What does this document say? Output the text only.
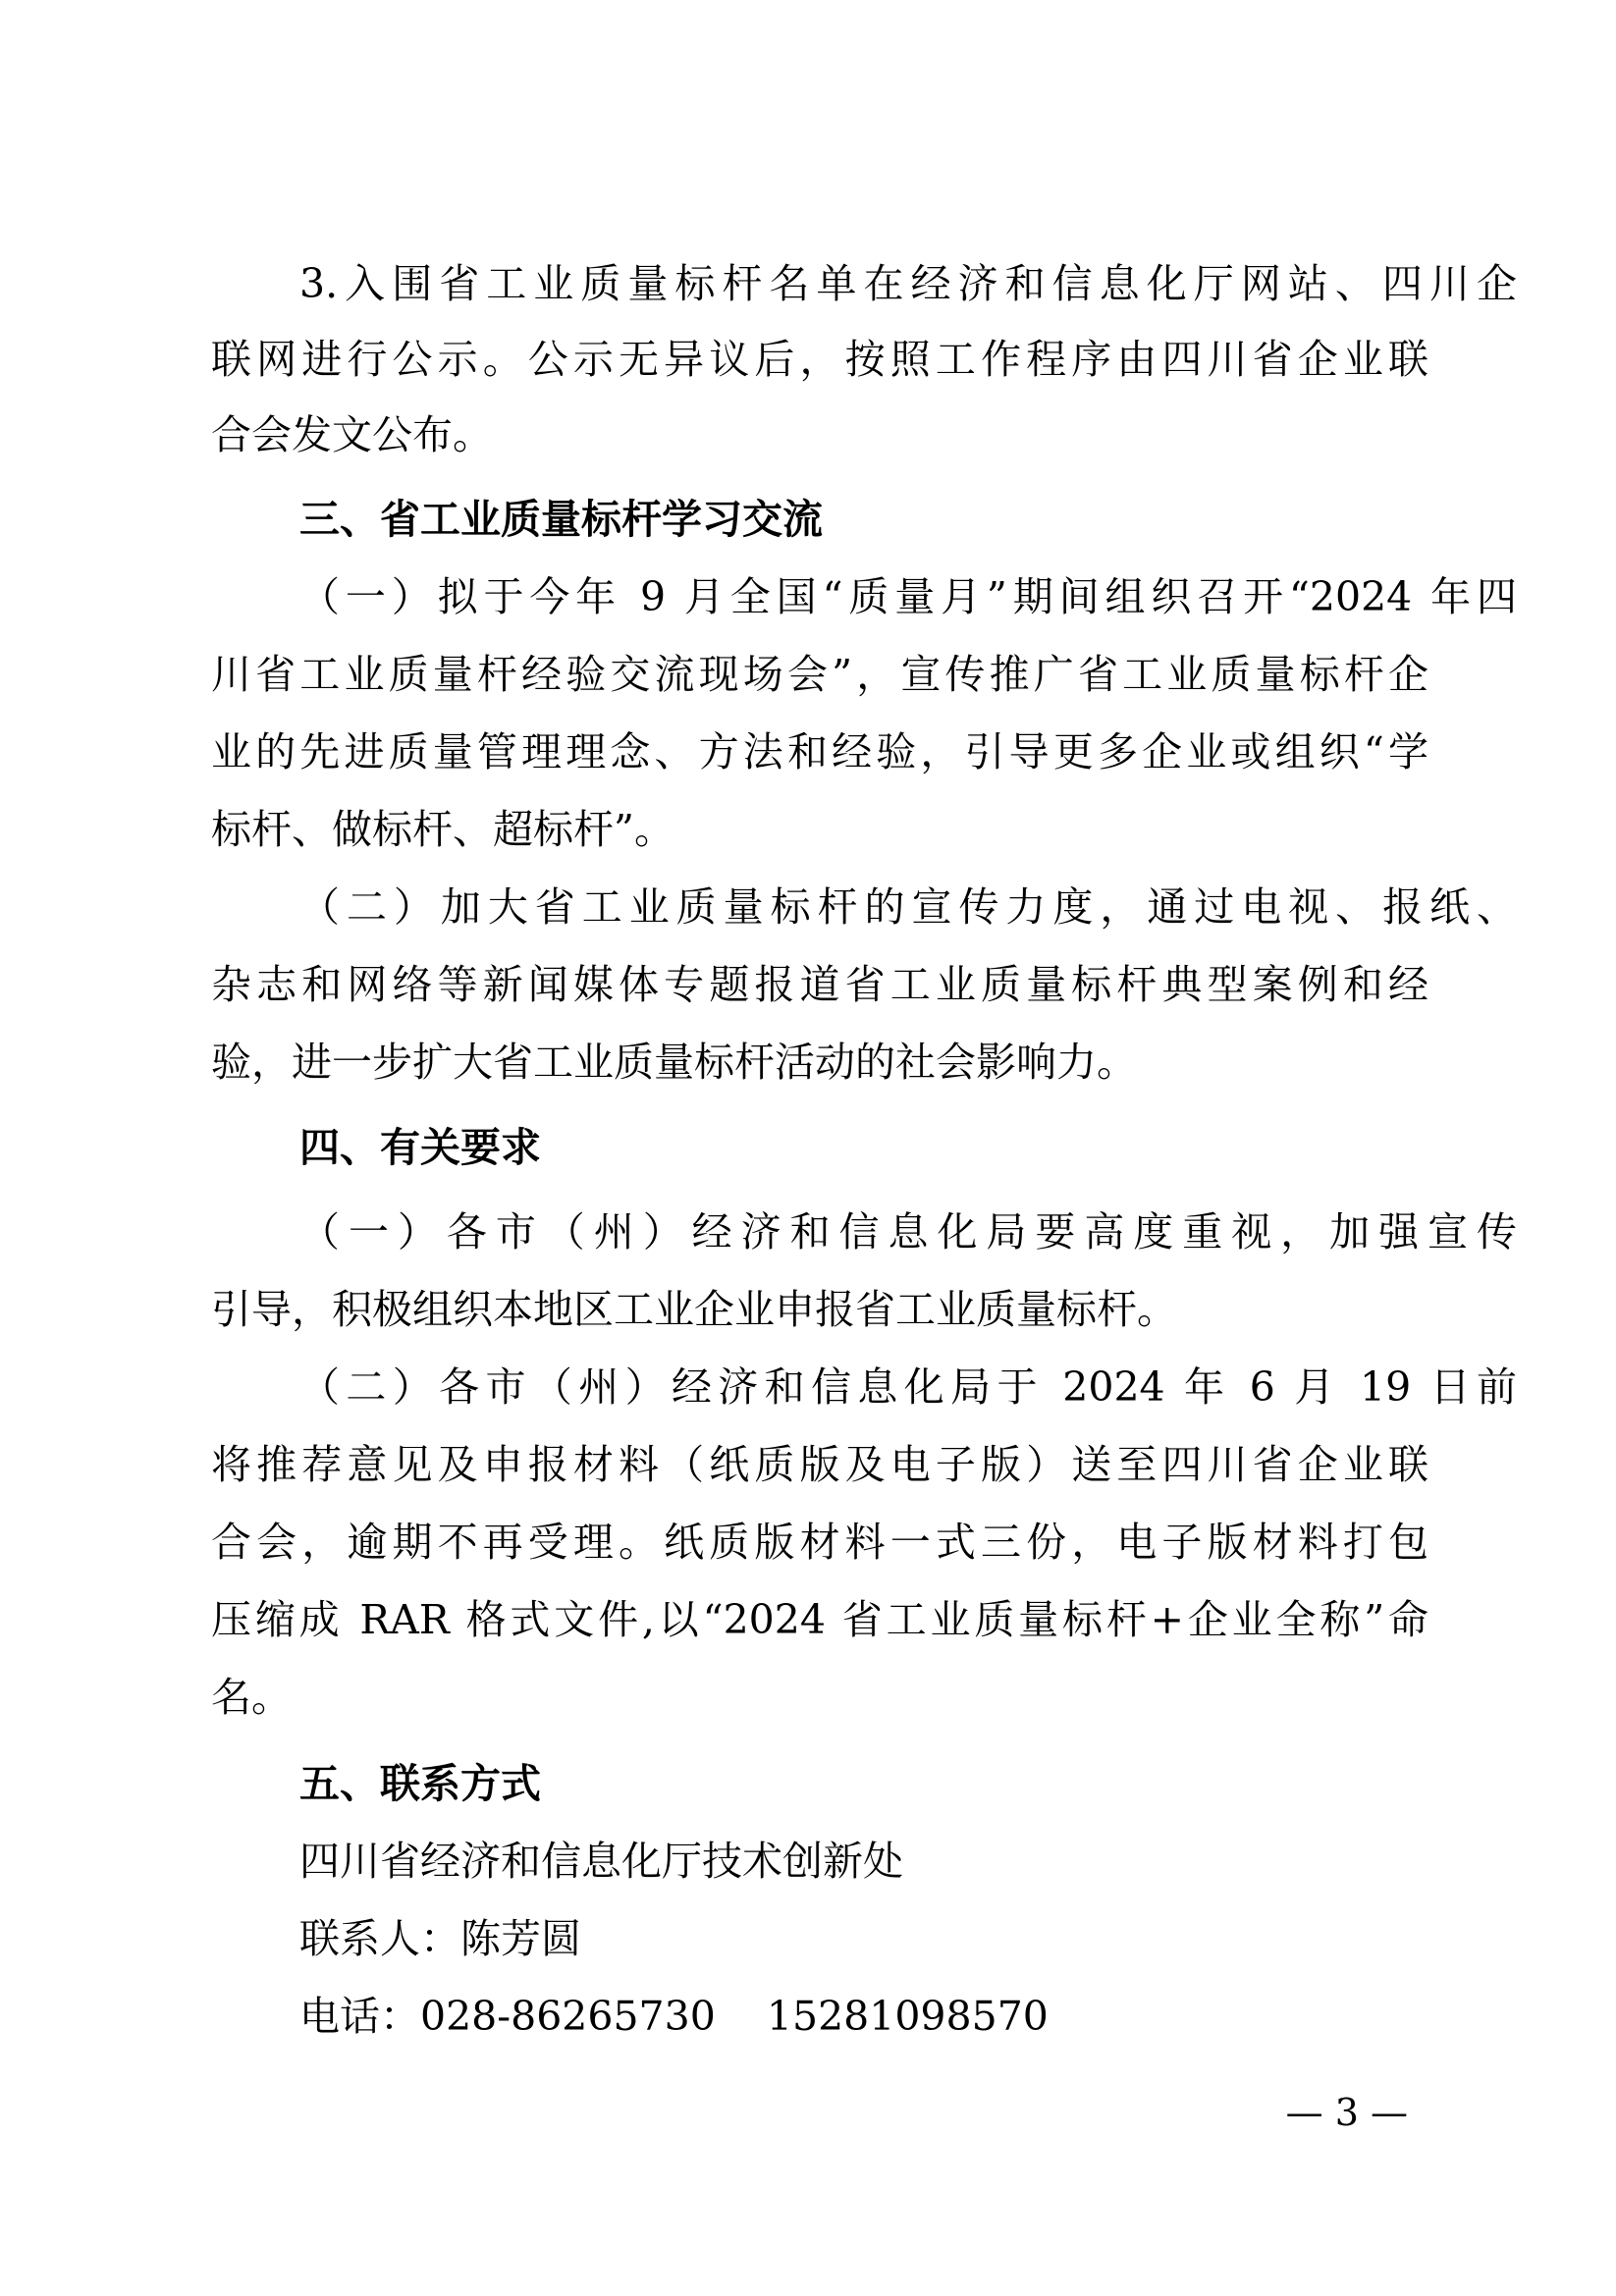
3.入围省工业质量标杆名单在经济和信息化厅网站、四川企
联网进行公示。公示无异议后，按照工作程序由四川省企业联
合会发文公布。
三、省工业质量标杆学习交流
（一）拟于今年 9 月全国“质量月”期间组织召开“2024 年四
川省工业质量杆经验交流现场会”，宣传推广省工业质量标杆企
业的先进质量管理理念、方法和经验，引导更多企业或组织“学
标杆、做标杆、超标杆”。
（二）加大省工业质量标杆的宣传力度，通过电视、报纸、
杂志和网络等新闻媒体专题报道省工业质量标杆典型案例和经
验，进一步扩大省工业质量标杆活动的社会影响力。
四、有关要求
（一）各市（州）经济和信息化局要高度重视，加强宣传
引导，积极组织本地区工业企业申报省工业质量标杆。
（二）各市（州）经济和信息化局于 2024 年 6 月 19 日前
将推荐意见及申报材料（纸质版及电子版）送至四川省企业联
合会，逾期不再受理。纸质版材料一式三份，电子版材料打包
压缩成 RAR 格式文件,以“2024 省工业质量标杆+企业全称”命
名。
五、联系方式
四川省经济和信息化厅技术创新处
联系人：陈芳圆
电话：028-86265730    15281098570
— 3 —
